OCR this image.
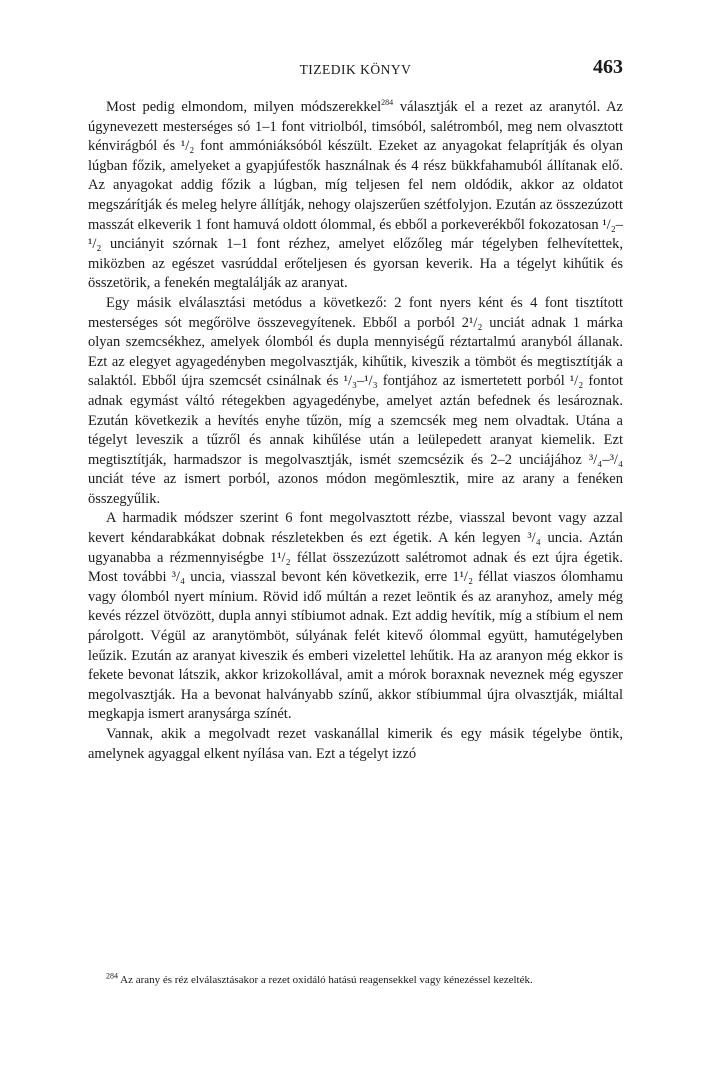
TIZEDIK KÖNYV	463

Most pedig elmondom, milyen módszerekkel$^{284}$ választják el a rezet az aranytól. Az úgynevezett mesterséges só 1–1 font vitriolból, timsóból, salétromból, meg nem olvasztott kénvirágból és ¹/₂ font ammóniáksóból készült. Ezeket az anyagokat felaprítják és olyan lúgban főzik, amelyeket a gyapjúfestők használnak és 4 rész bükkfahamuból állítanak elő. Az anyagokat addig főzik a lúgban, míg teljesen fel nem oldódik, akkor az oldatot megszárítják és meleg helyre állítják, nehogy olajszerűen szétfolyjon. Ezután az összezúzott masszát elkeverik 1 font hamuvá oldott ólommal, és ebből a porkeverékből fokozatosan ¹/₂–¹/₂ unciányit szórnak 1–1 font rézhez, amelyet előzőleg már tégelyben felhevítettek, miközben az egészet vasrúddal erőteljesen és gyorsan keverik. Ha a tégelyt kihűtik és összetörik, a fenekén megtalálják az aranyat.

Egy másik elválasztási metódus a következő: 2 font nyers ként és 4 font tisztított mesterséges sót megőrölve összevegyítenek. Ebből a porból 2¹/₂ unciát adnak 1 márka olyan szemcsékhez, amelyek ólomból és dupla mennyiségű réztartalmú aranyból állanak. Ezt az elegyet agyagedényben megolvasztják, kihűtik, kiveszik a tömböt és megtisztítják a salaktól. Ebből újra szemcsét csinálnak és ¹/₃–¹/₃ fontjához az ismertetett porból ¹/₂ fontot adnak egymást váltó rétegekben agyagedénybe, amelyet aztán befednek és lesároznak. Ezután következik a hevítés enyhe tűzön, míg a szemcsék meg nem olvadtak. Utána a tégelyt leveszik a tűzről és annak kihűlése után a leülepedett aranyat kiemelik. Ezt megtisztítják, harmadszor is megolvasztják, ismét szemcsézik és 2–2 unciájához ³/₄–³/₄ unciát téve az ismert porból, azonos módon megömlesztik, mire az arany a fenéken összegyűlik.

A harmadik módszer szerint 6 font megolvasztott rézbe, viasszal bevont vagy azzal kevert kéndarabkákat dobnak részletekben és ezt égetik. A kén legyen ³/₄ uncia. Aztán ugyanabba a rézmennyiségbe 1¹/₂ féllat összezúzott salétromot adnak és ezt újra égetik. Most további ³/₄ uncia, viasszal bevont kén következik, erre 1¹/₂ féllat viaszos ólomhamu vagy ólomból nyert mínium. Rövid idő múltán a rezet leöntik és az aranyhoz, amely még kevés rézzel ötvözött, dupla annyi stíbiumot adnak. Ezt addig hevítik, míg a stíbium el nem párolgott. Végül az aranytömböt, súlyának felét kitevő ólommal együtt, hamutégelyben leűzik. Ezután az aranyat kiveszik és emberi vizelettel lehűtik. Ha az aranyon még ekkor is fekete bevonat látszik, akkor krizokollával, amit a mórok boraxnak neveznek még egyszer megolvasztják. Ha a bevonat halványabb színű, akkor stíbiummal újra olvasztják, miáltal megkapja ismert aranysárga színét.

Vannak, akik a megolvadt rezet vaskanállal kimerik és egy másik tégelybe öntik, amelynek agyaggal elkent nyílása van. Ezt a tégelyt izzó

$^{284}$ Az arany és réz elválasztásakor a rezet oxidáló hatású reagensekkel vagy kénezéssel kezelték.
